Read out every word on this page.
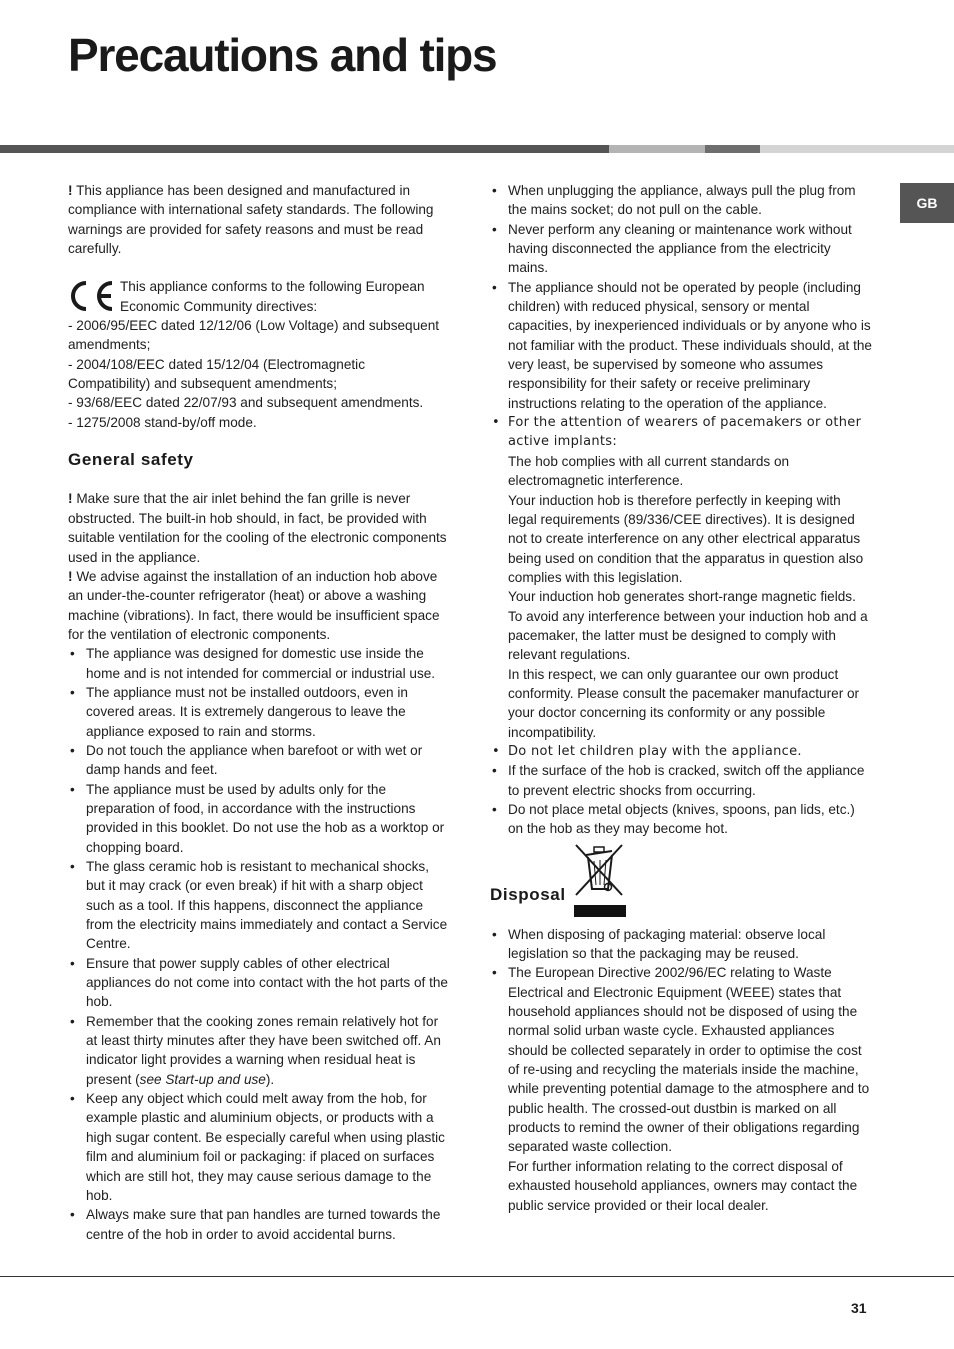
Precautions and tips
GB

! This appliance has been designed and manufactured in compliance with international safety standards. The following warnings are provided for safety reasons and must be read carefully.

This appliance conforms to the following European Economic Community directives:

- 2006/95/EEC dated 12/12/06 (Low Voltage) and subsequent amendments;

- 2004/108/EEC dated 15/12/04 (Electromagnetic Compatibility) and subsequent amendments;

- 93/68/EEC dated 22/07/93 and subsequent amendments.

- 1275/2008 stand-by/off mode.

General safety

! Make sure that the air inlet behind the fan grille is never obstructed. The built-in hob should, in fact, be provided with suitable ventilation for the cooling of the electronic components used in the appliance.

! We advise against the installation of an induction hob above an under-the-counter refrigerator (heat) or above a washing machine (vibrations). In fact, there would be insufficient space for the ventilation of electronic components.

• The appliance was designed for domestic use inside the home and is not intended for commercial or industrial use.
• The appliance must not be installed outdoors, even in covered areas. It is extremely dangerous to leave the appliance exposed to rain and storms.
• Do not touch the appliance when barefoot or with wet or damp hands and feet.
• The appliance must be used by adults only for the preparation of food, in accordance with the instructions provided in this booklet. Do not use the hob as a worktop or chopping board.
• The glass ceramic hob is resistant to mechanical shocks, but it may crack (or even break) if hit with a sharp object such as a tool. If this happens, disconnect the appliance from the electricity mains immediately and contact a Service Centre.
• Ensure that power supply cables of other electrical appliances do not come into contact with the hot parts of the hob.
• Remember that the cooking zones remain relatively hot for at least thirty minutes after they have been switched off. An indicator light provides a warning when residual heat is present (see Start-up and use).
• Keep any object which could melt away from the hob, for example plastic and aluminium objects, or products with a high sugar content. Be especially careful when using plastic film and aluminium foil or packaging: if placed on surfaces which are still hot, they may cause serious damage to the hob.
• Always make sure that pan handles are turned towards the centre of the hob in order to avoid accidental burns.
• When unplugging the appliance, always pull the plug from the mains socket; do not pull on the cable.
• Never perform any cleaning or maintenance work without having disconnected the appliance from the electricity mains.
• The appliance should not be operated by people (including children) with reduced physical, sensory or mental capacities, by inexperienced individuals or by anyone who is not familiar with the product. These individuals should, at the very least, be supervised by someone who assumes responsibility for their safety or receive preliminary instructions relating to the operation of the appliance.
• For the attention of wearers of pacemakers or other active implants:

The hob complies with all current standards on electromagnetic interference.

Your induction hob is therefore perfectly in keeping with legal requirements (89/336/CEE directives). It is designed not to create interference on any other electrical apparatus being used on condition that the apparatus in question also complies with this legislation.

Your induction hob generates short-range magnetic fields. To avoid any interference between your induction hob and a pacemaker, the latter must be designed to comply with relevant regulations.

In this respect, we can only guarantee our own product conformity. Please consult the pacemaker manufacturer or your doctor concerning its conformity or any possible incompatibility.

• Do not let children play with the appliance.
• If the surface of the hob is cracked, switch off the appliance to prevent electric shocks from occurring.
• Do not place metal objects (knives, spoons, pan lids, etc.) on the hob as they may become hot.
Disposal
• When disposing of packaging material: observe local legislation so that the packaging may be reused.
• The European Directive 2002/96/EC relating to Waste Electrical and Electronic Equipment (WEEE) states that household appliances should not be disposed of using the normal solid urban waste cycle. Exhausted appliances should be collected separately in order to optimise the cost of re-using and recycling the materials inside the machine, while preventing potential damage to the atmosphere and to public health. The crossed-out dustbin is marked on all products to remind the owner of their obligations regarding separated waste collection.

For further information relating to the correct disposal of exhausted household appliances, owners may contact the public service provided or their local dealer.

31
